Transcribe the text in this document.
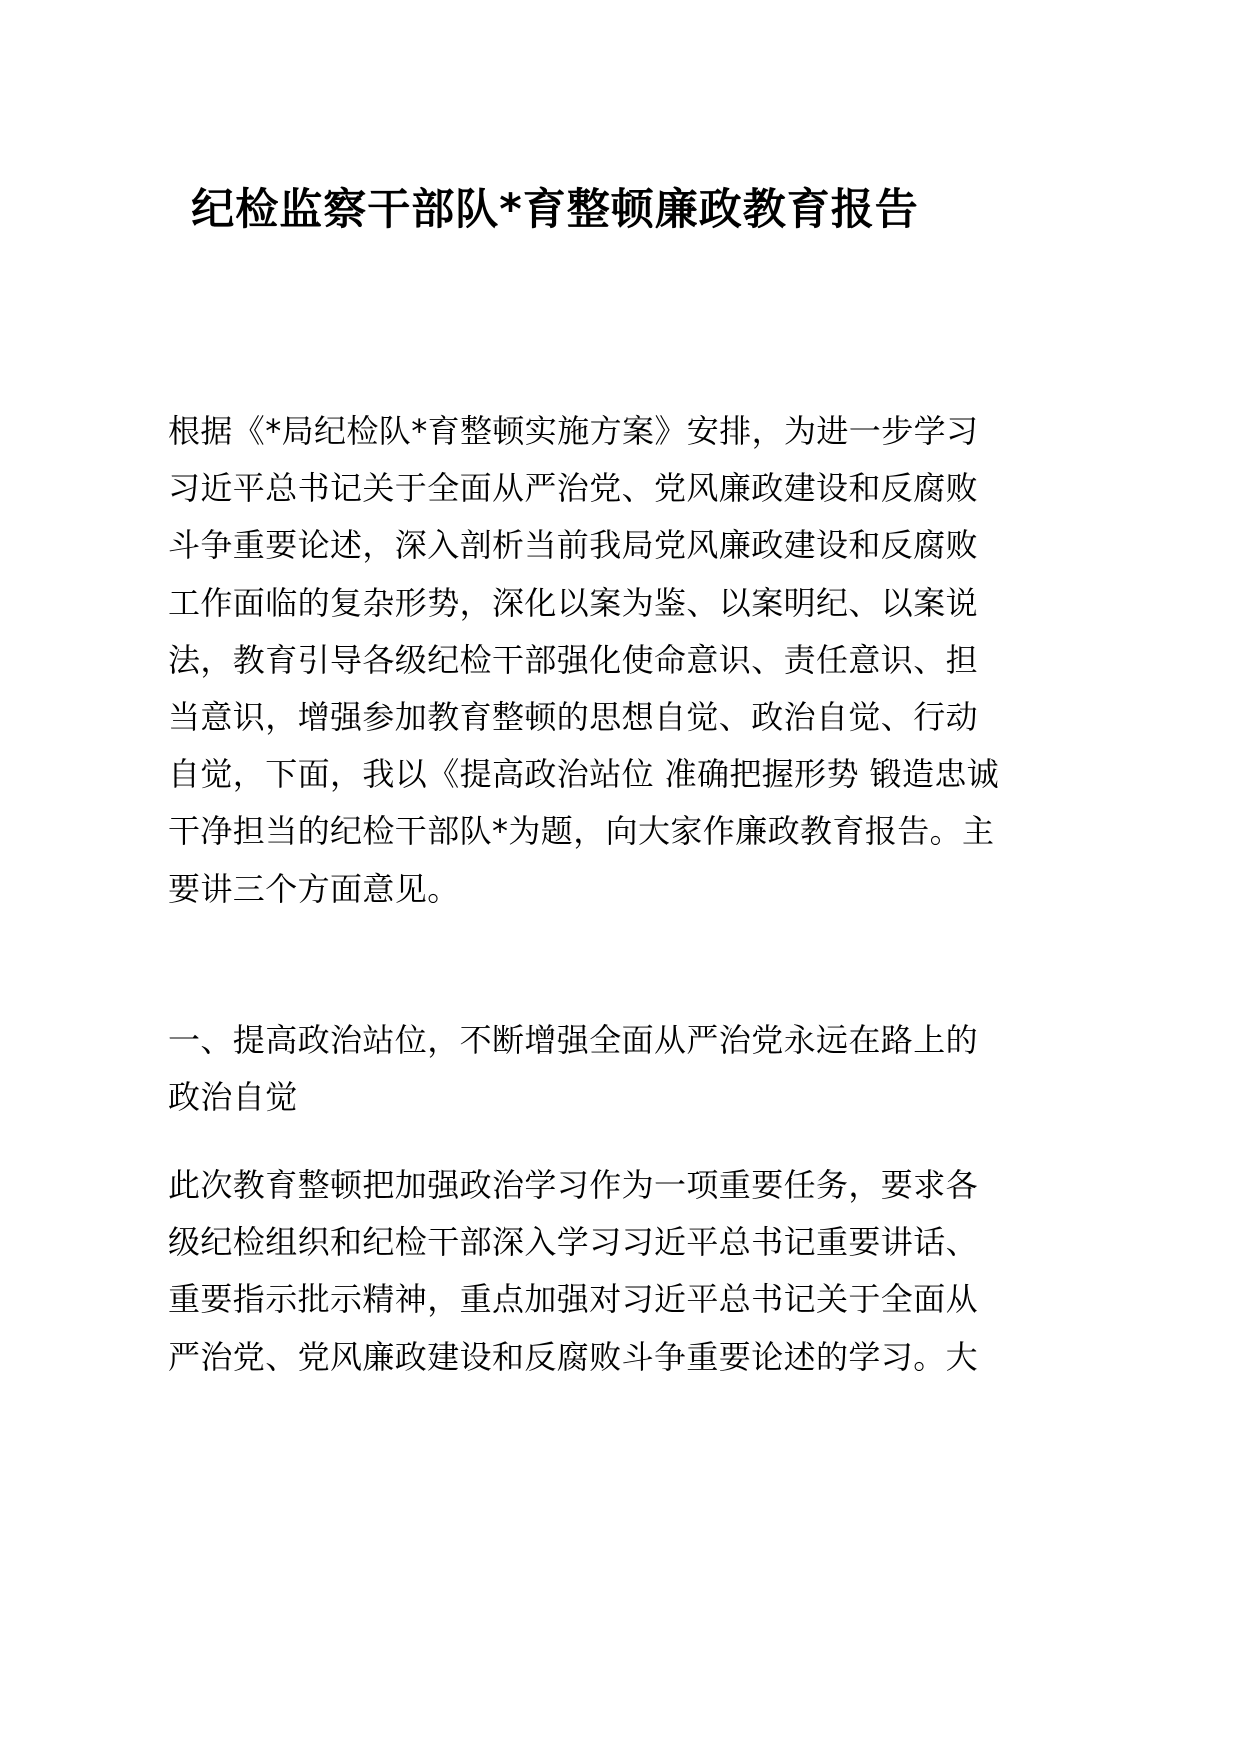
纪检监察干部队*育整顿廉政教育报告
根据《*局纪检队*育整顿实施方案》安排，为进一步学习
习近平总书记关于全面从严治党、党风廉政建设和反腐败
斗争重要论述，深入剖析当前我局党风廉政建设和反腐败
工作面临的复杂形势，深化以案为鉴、以案明纪、以案说
法，教育引导各级纪检干部强化使命意识、责任意识、担
当意识，增强参加教育整顿的思想自觉、政治自觉、行动
自觉，下面，我以《提高政治站位 准确把握形势 锻造忠诚
干净担当的纪检干部队*为题，向大家作廉政教育报告。主
要讲三个方面意见。
一、提高政治站位，不断增强全面从严治党永远在路上的
政治自觉
此次教育整顿把加强政治学习作为一项重要任务，要求各
级纪检组织和纪检干部深入学习习近平总书记重要讲话、
重要指示批示精神，重点加强对习近平总书记关于全面从
严治党、党风廉政建设和反腐败斗争重要论述的学习。大
